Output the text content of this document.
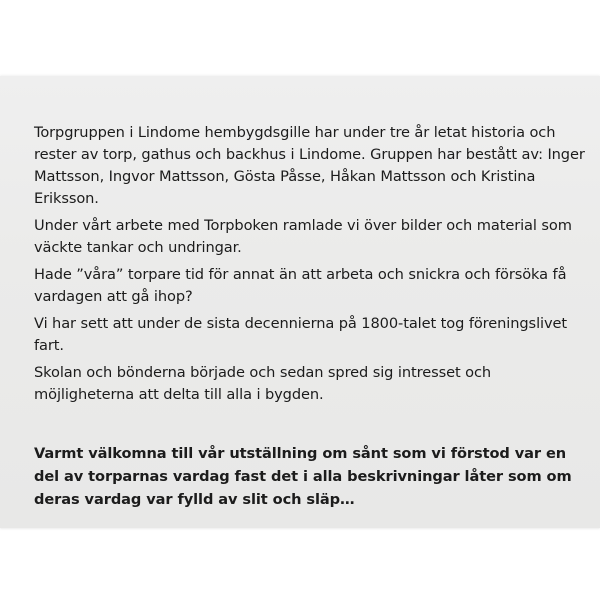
Torpgruppen i Lindome hembygdsgille har under tre år letat historia och rester av torp, gathus och backhus i Lindome. Gruppen har bestått av: Inger Mattsson, Ingvor Mattsson, Gösta Påsse, Håkan Mattsson och Kristina Eriksson.

Under vårt arbete med Torpboken ramlade vi över bilder och material som väckte tankar och undringar.

Hade ”våra” torpare tid för annat än att arbeta och snickra och försöka få vardagen att gå ihop?

Vi har sett att under de sista decennierna på 1800-talet tog föreningslivet fart.

Skolan och bönderna började och sedan spred sig intresset och möjligheterna att delta till alla i bygden.

Varmt välkomna till vår utställning om sånt som vi förstod var en del av torparnas vardag fast det i alla beskrivningar låter som om deras vardag var fylld av slit och släp…
